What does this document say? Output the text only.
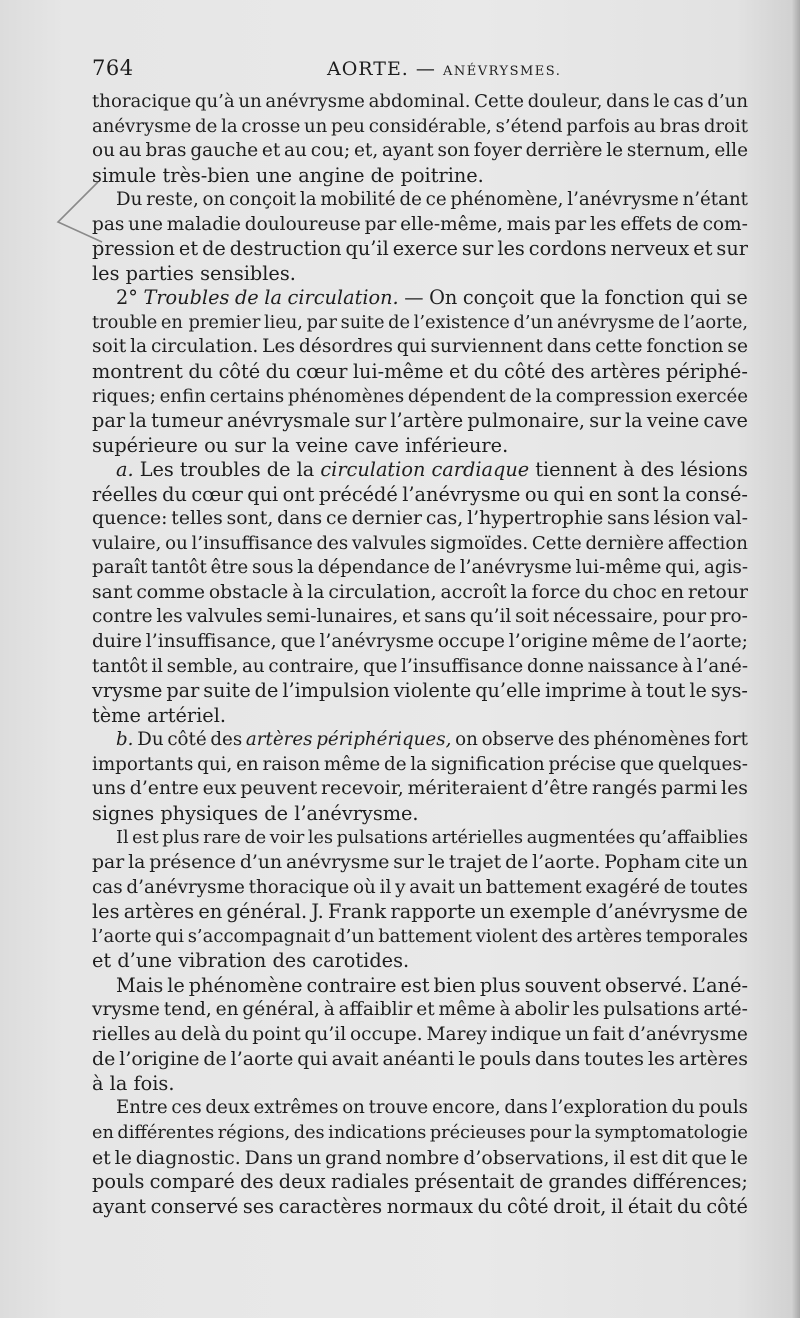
764	AORTE. — ANÉVRYSMES.
thoracique qu’à un anévrysme abdominal. Cette douleur, dans le cas d’un
anévrysme de la crosse un peu considérable, s’étend parfois au bras droit
ou au bras gauche et au cou; et, ayant son foyer derrière le sternum, elle
simule très-bien une angine de poitrine.
Du reste, on conçoit la mobilité de ce phénomène, l’anévrysme n’étant
pas une maladie douloureuse par elle-même, mais par les effets de com-
pression et de destruction qu’il exerce sur les cordons nerveux et sur
les parties sensibles.
2° Troubles de la circulation. — On conçoit que la fonction qui se
trouble en premier lieu, par suite de l’existence d’un anévrysme de l’aorte,
soit la circulation. Les désordres qui surviennent dans cette fonction se
montrent du côté du cœur lui-même et du côté des artères périphé-
riques; enfin certains phénomènes dépendent de la compression exercée
par la tumeur anévrysmale sur l’artère pulmonaire, sur la veine cave
supérieure ou sur la veine cave inférieure.
a. Les troubles de la circulation cardiaque tiennent à des lésions
réelles du cœur qui ont précédé l’anévrysme ou qui en sont la consé-
quence: telles sont, dans ce dernier cas, l’hypertrophie sans lésion val-
vulaire, ou l’insuffisance des valvules sigmoïdes. Cette dernière affection
paraît tantôt être sous la dépendance de l’anévrysme lui-même qui, agis-
sant comme obstacle à la circulation, accroît la force du choc en retour
contre les valvules semi-lunaires, et sans qu’il soit nécessaire, pour pro-
duire l’insuffisance, que l’anévrysme occupe l’origine même de l’aorte;
tantôt il semble, au contraire, que l’insuffisance donne naissance à l’ané-
vrysme par suite de l’impulsion violente qu’elle imprime à tout le sys-
tème artériel.
b. Du côté des artères périphériques, on observe des phénomènes fort
importants qui, en raison même de la signification précise que quelques-
uns d’entre eux peuvent recevoir, mériteraient d’être rangés parmi les
signes physiques de l’anévrysme.
Il est plus rare de voir les pulsations artérielles augmentées qu’affaiblies
par la présence d’un anévrysme sur le trajet de l’aorte. Popham cite un
cas d’anévrysme thoracique où il y avait un battement exagéré de toutes
les artères en général. J. Frank rapporte un exemple d’anévrysme de
l’aorte qui s’accompagnait d’un battement violent des artères temporales
et d’une vibration des carotides.
Mais le phénomène contraire est bien plus souvent observé. L’ané-
vrysme tend, en général, à affaiblir et même à abolir les pulsations arté-
rielles au delà du point qu’il occupe. Marey indique un fait d’anévrysme
de l’origine de l’aorte qui avait anéanti le pouls dans toutes les artères
à la fois.
Entre ces deux extrêmes on trouve encore, dans l’exploration du pouls
en différentes régions, des indications précieuses pour la symptomatologie
et le diagnostic. Dans un grand nombre d’observations, il est dit que le
pouls comparé des deux radiales présentait de grandes différences;
ayant conservé ses caractères normaux du côté droit, il était du côté
